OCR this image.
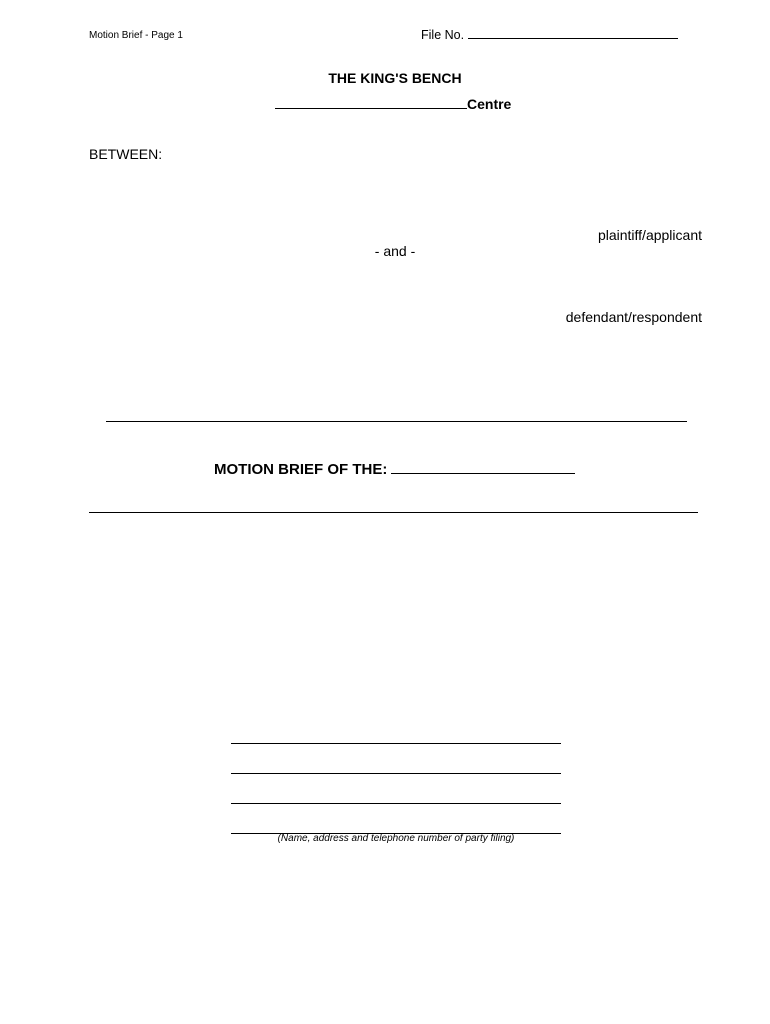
Motion Brief - Page 1	File No.
THE KING'S BENCH
Centre
BETWEEN:
plaintiff/applicant
- and -
defendant/respondent
MOTION BRIEF OF THE:
(Name, address and telephone number of party filing)
